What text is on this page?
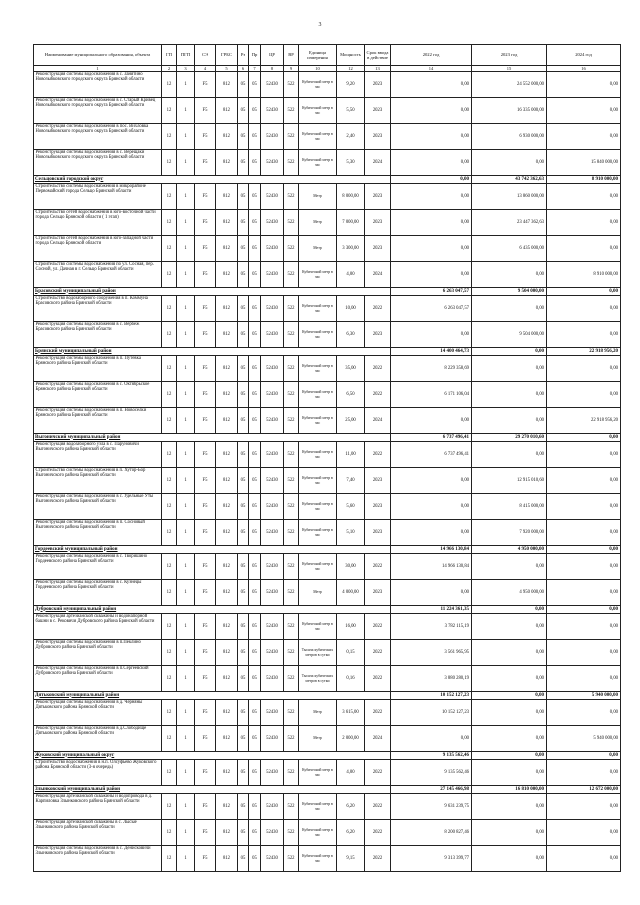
3
Наименование муниципального образования, объекта	ГП	ПГП	СЭ	ГРБС	Рз	Пр	ЦР	ВР	Единица измерения	Мощность	Срок ввода в действие	2022 год	2023 год	2024 год
1	2	3	4	5	6	7	8	9	10	12	13	14	15	16
Реконструкция системы водоснабжения в с. Занятино Новозыбковского городского округа Брянской области	12	1	F5	812	05	05	52430	522	Кубический метр в час	9,20	2023	0,00	24 552 000,00	0,00
Реконструкция системы водоснабжения в с. Старый Кривец Новозыбковского городского округа Брянской области	12	1	F5	812	05	05	52430	522	Кубический метр в час	5,50	2023	0,00	16 335 000,00	0,00
Реконструкция системы водоснабжения в пос. Вихловка Новозыбковского городского округа Брянской области	12	1	F5	812	05	05	52430	522	Кубический метр в час	2,40	2023	0,00	6 930 000,00	0,00
Реконструкция системы водоснабжения в с. Верещаки Новозыбковского городского округа Брянской области	12	1	F5	812	05	05	52430	522	Кубический метр в час	5,30	2024	0,00	0,00	15 840 000,00
Сельцовский городской округ												0,00	43 742 362,63	8 910 000,00
Строительство системы водоснабжения в микрорайоне Первомайский города Сельцо Брянской области	12	1	F5	812	05	05	52430	522	Метр	8 000,00	2023	0,00	13 860 000,00	0,00
Строительство сетей водоснабжения в юго-восточной части города Сельцо Брянской области ( 1 этап)	12	1	F5	812	05	05	52430	522	Метр	7 000,00	2023	0,00	23 447 362,63	0,00
Строительство сетей водоснабжения в юго-западной части города Сельцо Брянской области	12	1	F5	812	05	05	52430	522	Метр	3 300,00	2023	0,00	6 435 000,00	0,00
Строительство системы водоснабжения по ул. Сосная, пер. Сосной, ул. Дачная в г. Сельцо Брянской области	12	1	F5	812	05	05	52430	522	Кубический метр в час	4,00	2024	0,00	0,00	8 910 000,00
Брасовский муниципальный район												6 263 047,57	9 504 000,00	0,00
Строительство водозаборного сооружения в п. Коммуна Брасовского района Брянской области	12	1	F5	812	05	05	52430	522	Кубический метр в час	10,00	2022	6 263 047,57	0,00	0,00
Реконструкция системы водоснабжения в с. Вербёж Брасовского района Брянской области	12	1	F5	812	05	05	52430	522	Кубический метр в час	6,30	2023	0,00	9 504 000,00	0,00
Брянский муниципальный район												14 400 464,73	0,00	22 918 956,20
Реконструкция системы водоснабжения в п. Путёвка Брянского района Брянской области	12	1	F5	812	05	05	52430	522	Кубический метр в час	35,00	2022	8 229 358,69	0,00	0,00
Реконструкция системы водоснабжения в с. Октябрьское Брянского района Брянской области	12	1	F5	812	05	05	52430	522	Кубический метр в час	6,50	2022	6 171 106,04	0,00	0,00
Реконструкция системы водоснабжения в п. Новосёлки Брянского района Брянской области	12	1	F5	812	05	05	52430	522	Кубический метр в час	25,00	2024	0,00	0,00	22 918 956,20
Выгоничский муниципальный район												6 737 496,41	29 270 010,60	0,00
Реконструкция водозаборного узла в с. Паруновичи Выгоничского района Брянской области	12	1	F5	812	05	05	52430	522	Кубический метр в час	11,00	2022	6 737 496,41	0,00	0,00
Строительство системы водоснабжения в п. Хутор-Бор Выгоничского района Брянской области	12	1	F5	812	05	05	52430	522	Кубический метр в час	7,40	2023	0,00	12 915 010,60	0,00
Реконструкция системы водоснабжения в с. Удельные Уты Выгоничского района Брянской области	12	1	F5	812	05	05	52430	522	Кубический метр в час	5,60	2023	0,00	8 415 000,00	0,00
Реконструкция системы водоснабжения в п. Сосновый Выгоничского района Брянской области	12	1	F5	812	05	05	52430	522	Кубический метр в час	5,10	2023	0,00	7 920 000,00	0,00
Гордеевский муниципальный район												14 966 130,84	4 950 000,00	0,00
Реконструкция системы водоснабжения в с. Творишино Гордеевского района Брянской области	12	1	F5	812	05	05	52430	522	Кубический метр в час	30,00	2022	14 966 130,84	0,00	0,00
Реконструкция системы водоснабжения в с. Кузнецы Гордеевского района Брянской области	12	1	F5	812	05	05	52430	522	Метр	4 000,00	2023	0,00	4 950 000,00	0,00
Дубровский муниципальный район												11 224 361,35	0,00	0,00
Реконструкция артезианской скважины и водонапорной башни в с. Рековичи Дубровского района Брянской области	12	1	F5	812	05	05	52430	522	Кубический метр в час	16,00	2022	3 782 115,19	0,00	0,00
Реконструкция системы водоснабжения в п.Пеклино Дубровского района Брянской области	12	1	F5	812	05	05	52430	522	Тысяча кубических метров в сутки	0,15	2022	3 561 965,95	0,00	0,00
Реконструкция системы водоснабжения в п.Сергеевский Дубровского района Брянской области	12	1	F5	812	05	05	52430	522	Тысяча кубических метров в сутки	0,16	2022	3 880 280,19	0,00	0,00
Дятьковский муниципальный район												10 152 127,23	0,00	5 940 000,00
Реконструкция системы водоснабжения в д. Черняны Дятьковского района Брянской области	12	1	F5	812	05	05	52430	522	Метр	3 615,00	2022	10 152 127,23	0,00	0,00
Реконструкция системы водоснабжения в д.Слободище Дятьковского района Брянской области	12	1	F5	812	05	05	52430	522	Метр	2 000,00	2024	0,00	0,00	5 940 000,00
Жуковский муниципальный округ												9 135 562,46	0,00	0,00
Строительство водоснабжения в н.п. Олсуфьево Жуковского района Брянской области (3-я очередь)	12	1	F5	812	05	05	52430	522	Кубический метр в час	4,00	2022	9 135 562,46	0,00	0,00
Злынковский муниципальный район												27 145 466,98	16 810 000,00	12 672 000,00
Реконструкция артезианской скважины и водопровода в д. Карпиловка Злынковского района Брянской области	12	1	F5	812	05	05	52430	522	Кубический метр в час	6,20	2022	9 631 239,75	0,00	0,00
Реконструкция артезианской скважины в с. Лысые Злынковского района Брянской области	12	1	F5	812	05	05	52430	522	Кубический метр в час	6,20	2022	8 200 827,46	0,00	0,00
Реконструкция системы водоснабжения в с. Денисковичи Злынковского района Брянской области	12	1	F5	812	05	05	52430	522	Кубический метр в час	9,15	2022	9 313 399,77	0,00	0,00
